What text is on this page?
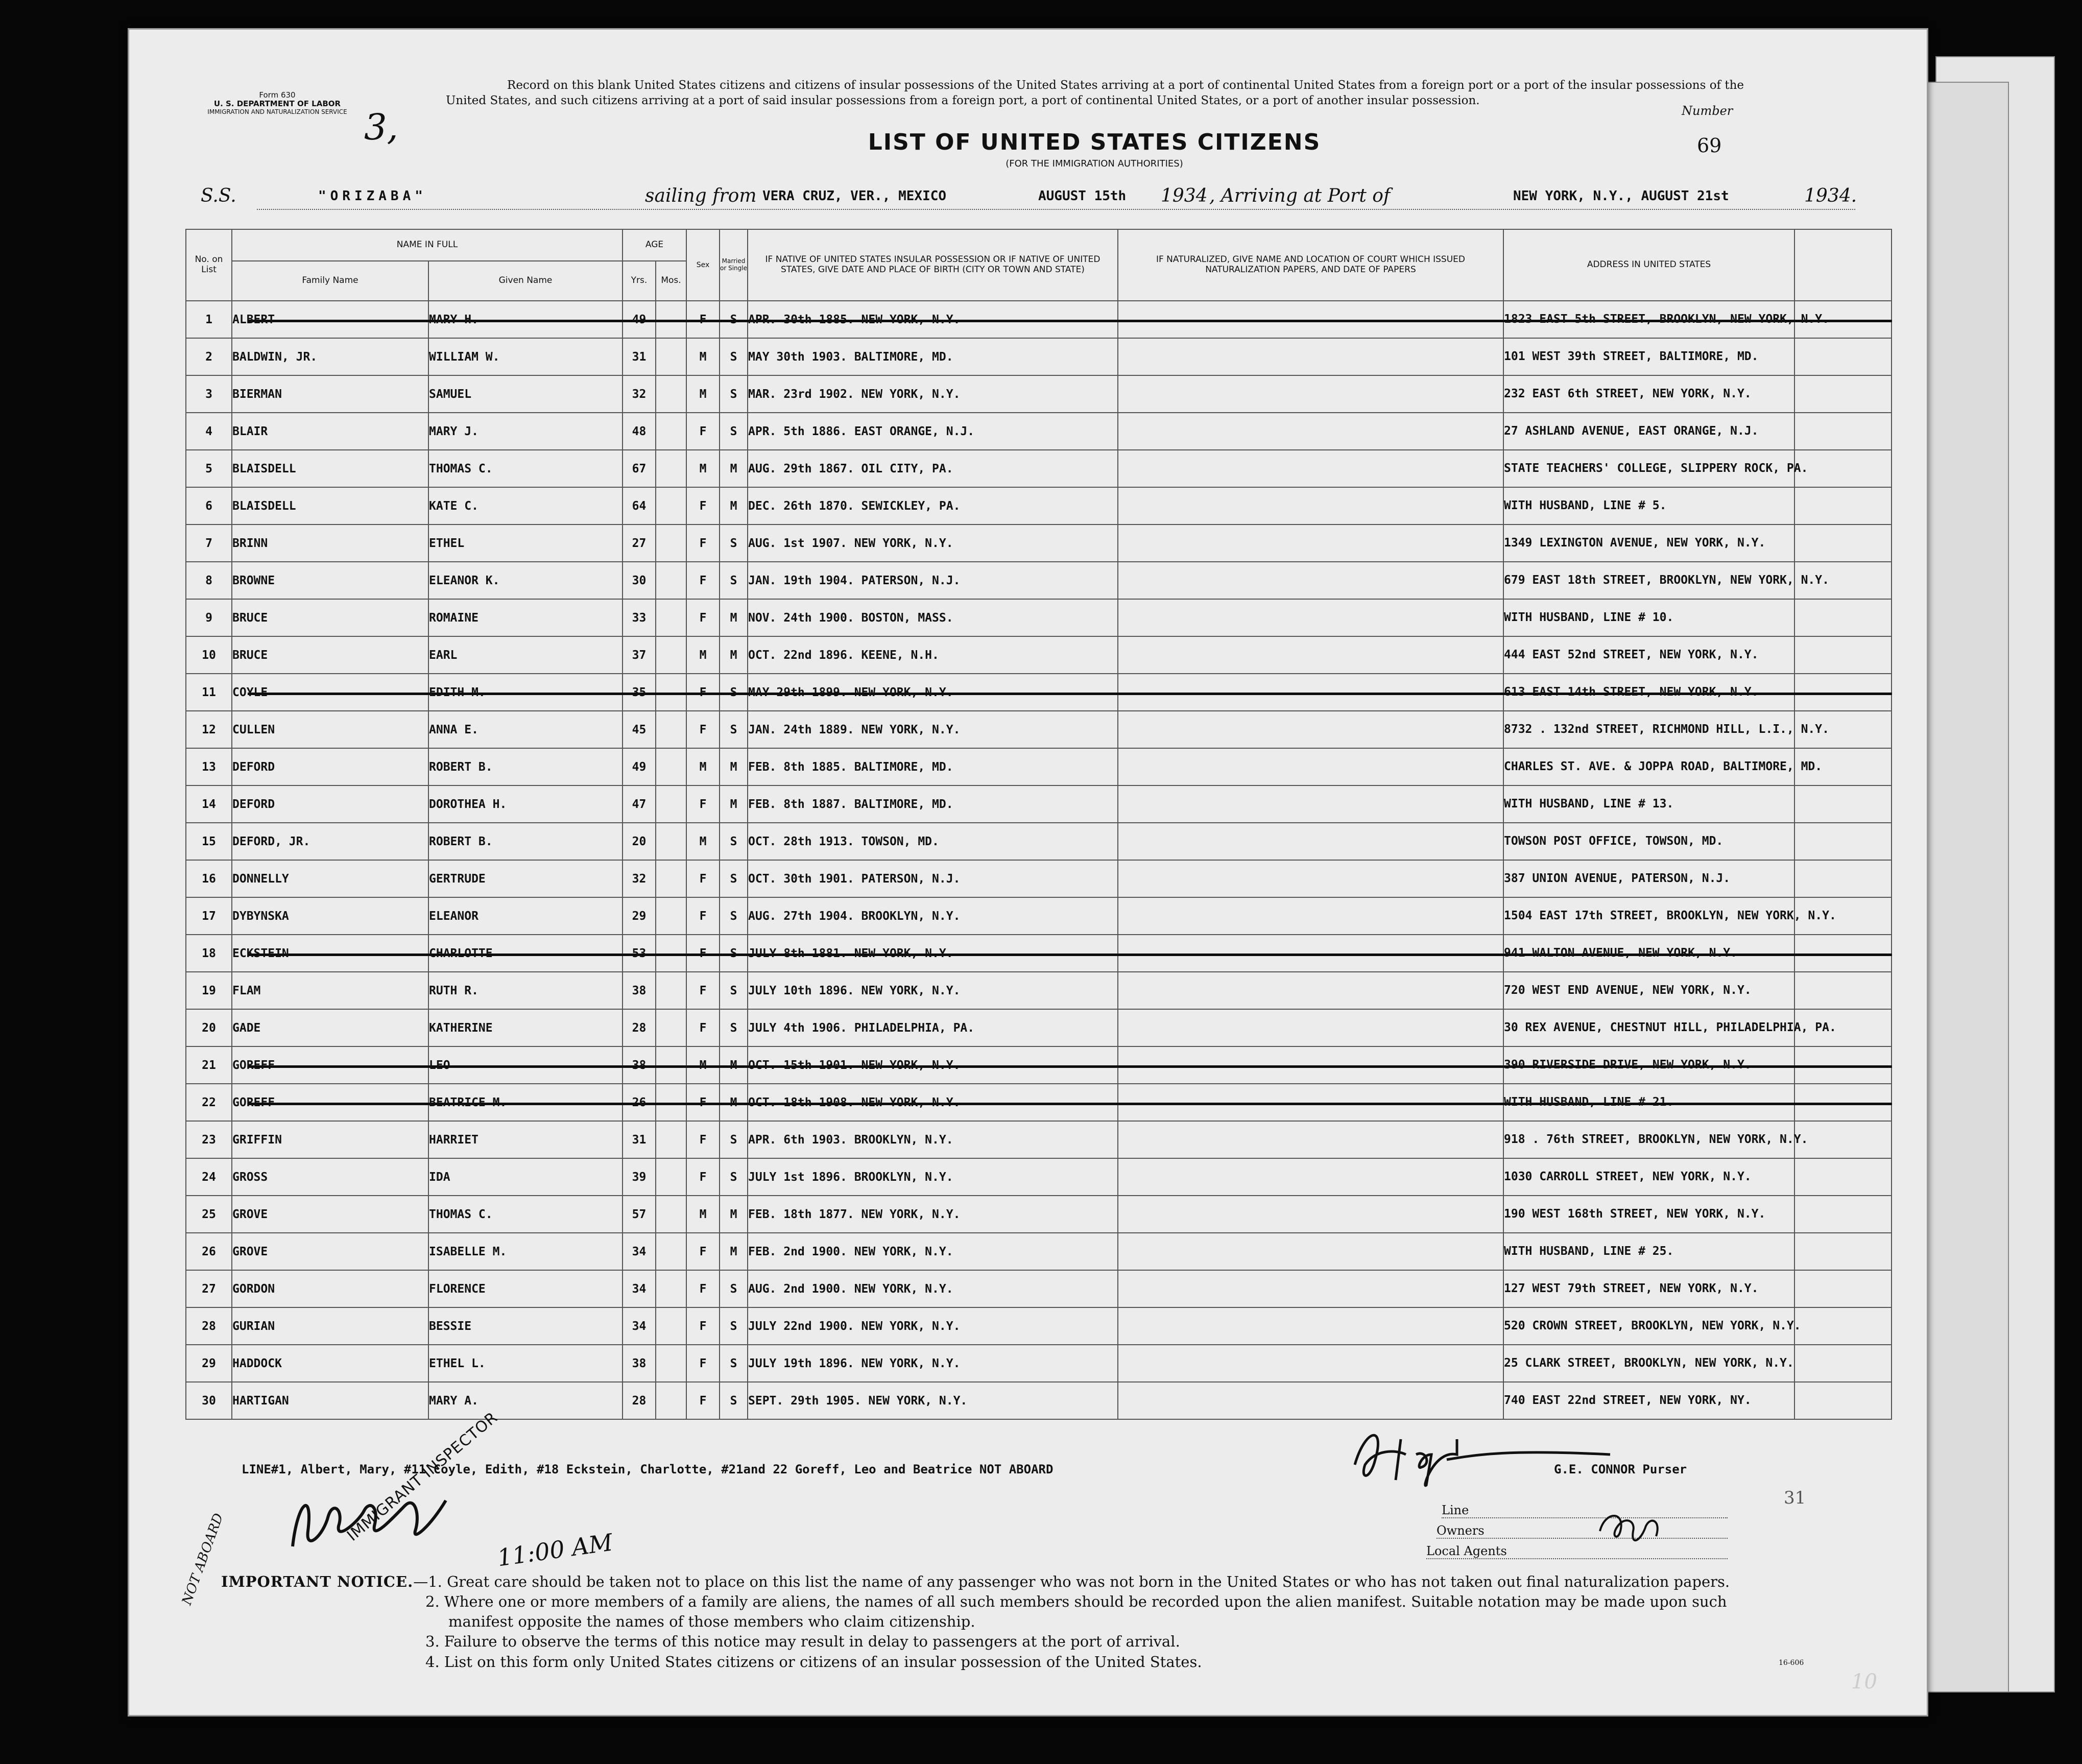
Form 630
U. S. DEPARTMENT OF LABOR
IMMIGRATION AND NATURALIZATION SERVICE 3,
Record on this blank United States citizens and citizens of insular possessions of the United States arriving at a port of continental United States from a foreign port or a port of the insular possessions of the United States, and such citizens arriving at a port of said insular possessions from a foreign port, a port of continental United States, or a port of another insular possession.
LIST OF UNITED STATES CITIZENS
(FOR THE IMMIGRATION AUTHORITIES)
Number
69
S.S.	"ORIZABA"	sailing from VERA CRUZ, VER., MEXICO	AUGUST 15th 1934 , Arriving at Port of	NEW YORK, N.Y., AUGUST 21st	1934.
No. on List	NAME IN FULL		AGE		Sex	Married or Single	IF NATIVE OF UNITED STATES INSULAR POSSESSION OR IF NATIVE OF UNITED STATES, GIVE DATE AND PLACE OF BIRTH (CITY OR TOWN AND STATE)	IF NATURALIZED, GIVE NAME AND LOCATION OF COURT WHICH ISSUED NATURALIZATION PAPERS, AND DATE OF PAPERS	ADDRESS IN UNITED STATES	
	Family Name	Given Name	Yrs.	Mos.						
1	ALBERT	MARY H.	49		F	S	APR. 30th 1885. NEW YORK, N.Y.		1823 EAST 5th STREET, BROOKLYN, NEW YORK, N.Y.	
2	BALDWIN, JR.	WILLIAM W.	31		M	S	MAY 30th 1903. BALTIMORE, MD.		101 WEST 39th STREET, BALTIMORE, MD.	
3	BIERMAN	SAMUEL	32		M	S	MAR. 23rd 1902. NEW YORK, N.Y.		232 EAST 6th STREET, NEW YORK, N.Y.	
4	BLAIR	MARY J.	48		F	S	APR. 5th 1886. EAST ORANGE, N.J.		27 ASHLAND AVENUE, EAST ORANGE, N.J.	
5	BLAISDELL	THOMAS C.	67		M	M	AUG. 29th 1867. OIL CITY, PA.		STATE TEACHERS' COLLEGE, SLIPPERY ROCK, PA.	
6	BLAISDELL	KATE C.	64		F	M	DEC. 26th 1870. SEWICKLEY, PA.		WITH HUSBAND, LINE # 5.	
7	BRINN	ETHEL	27		F	S	AUG. 1st 1907. NEW YORK, N.Y.		1349 LEXINGTON AVENUE, NEW YORK, N.Y.	
8	BROWNE	ELEANOR K.	30		F	S	JAN. 19th 1904. PATERSON, N.J.		679 EAST 18th STREET, BROOKLYN, NEW YORK, N.Y.	
9	BRUCE	ROMAINE	33		F	M	NOV. 24th 1900. BOSTON, MASS.		WITH HUSBAND, LINE # 10.	
10	BRUCE	EARL	37		M	M	OCT. 22nd 1896. KEENE, N.H.		444 EAST 52nd STREET, NEW YORK, N.Y.	
11	COYLE	EDITH M.	35		F	S	MAY 29th 1899. NEW YORK, N.Y.		613 EAST 14th STREET, NEW YORK, N.Y.	
12	CULLEN	ANNA E.	45		F	S	JAN. 24th 1889. NEW YORK, N.Y.		8732 . 132nd STREET, RICHMOND HILL, L.I., N.Y.	
13	DEFORD	ROBERT B.	49		M	M	FEB. 8th 1885. BALTIMORE, MD.		CHARLES ST. AVE. & JOPPA ROAD, BALTIMORE, MD.	
14	DEFORD	DOROTHEA H.	47		F	M	FEB. 8th 1887. BALTIMORE, MD.		WITH HUSBAND, LINE # 13.	
15	DEFORD, JR.	ROBERT B.	20		M	S	OCT. 28th 1913. TOWSON, MD.		TOWSON POST OFFICE, TOWSON, MD.	
16	DONNELLY	GERTRUDE	32		F	S	OCT. 30th 1901. PATERSON, N.J.		387 UNION AVENUE, PATERSON, N.J.	
17	DYBYNSKA	ELEANOR	29		F	S	AUG. 27th 1904. BROOKLYN, N.Y.		1504 EAST 17th STREET, BROOKLYN, NEW YORK, N.Y.	
18	ECKSTEIN	CHARLOTTE	53		F	S	JULY 8th 1881. NEW YORK, N.Y.		941 WALTON AVENUE, NEW YORK, N.Y.	
19	FLAM	RUTH R.	38		F	S	JULY 10th 1896. NEW YORK, N.Y.		720 WEST END AVENUE, NEW YORK, N.Y.	
20	GADE	KATHERINE	28		F	S	JULY 4th 1906. PHILADELPHIA, PA.		30 REX AVENUE, CHESTNUT HILL, PHILADELPHIA, PA.	
21	GOREFF	LEO	38		M	M	OCT. 15th 1901. NEW YORK, N.Y.		390 RIVERSIDE DRIVE, NEW YORK, N.Y.	
22	GOREFF	BEATRICE M.	26		F	M	OCT. 18th 1908. NEW YORK, N.Y.		WITH HUSBAND, LINE # 21.	
23	GRIFFIN	HARRIET	31		F	S	APR. 6th 1903. BROOKLYN, N.Y.		918 . 76th STREET, BROOKLYN, NEW YORK, N.Y.	
24	GROSS	IDA	39		F	S	JULY 1st 1896. BROOKLYN, N.Y.		1030 CARROLL STREET, NEW YORK, N.Y.	
25	GROVE	THOMAS C.	57		M	M	FEB. 18th 1877. NEW YORK, N.Y.		190 WEST 168th STREET, NEW YORK, N.Y.	
26	GROVE	ISABELLE M.	34		F	M	FEB. 2nd 1900. NEW YORK, N.Y.		WITH HUSBAND, LINE # 25.	
27	GORDON	FLORENCE	34		F	S	AUG. 2nd 1900. NEW YORK, N.Y.		127 WEST 79th STREET, NEW YORK, N.Y.	
28	GURIAN	BESSIE	34		F	S	JULY 22nd 1900. NEW YORK, N.Y.		520 CROWN STREET, BROOKLYN, NEW YORK, N.Y.	
29	HADDOCK	ETHEL L.	38		F	S	JULY 19th 1896. NEW YORK, N.Y.		25 CLARK STREET, BROOKLYN, NEW YORK, N.Y.	
30	HARTIGAN	MARY A.	28		F	S	SEPT. 29th 1905. NEW YORK, N.Y.		740 EAST 22nd STREET, NEW YORK, NY.	
LINE#1, Albert, Mary, #11 Coyle, Edith, #18 Eckstein, Charlotte, #21and 22 Goreff, Leo and Beatrice NOT ABOARD	G.E. CONNOR Purser
31
Line
Owners
Local Agents
IMMIGRANT INSPECTOR
11:00 AM
NOT ABOARD
IMPORTANT NOTICE.—1. Great care should be taken not to place on this list the name of any passenger who was not born in the United States or who has not taken out final naturalization papers.
2. Where one or more members of a family are aliens, the names of all such members should be recorded upon the alien manifest. Suitable notation may be made upon such
manifest opposite the names of those members who claim citizenship.
3. Failure to observe the terms of this notice may result in delay to passengers at the port of arrival.
4. List on this form only United States citizens or citizens of an insular possession of the United States.	16-606
10
